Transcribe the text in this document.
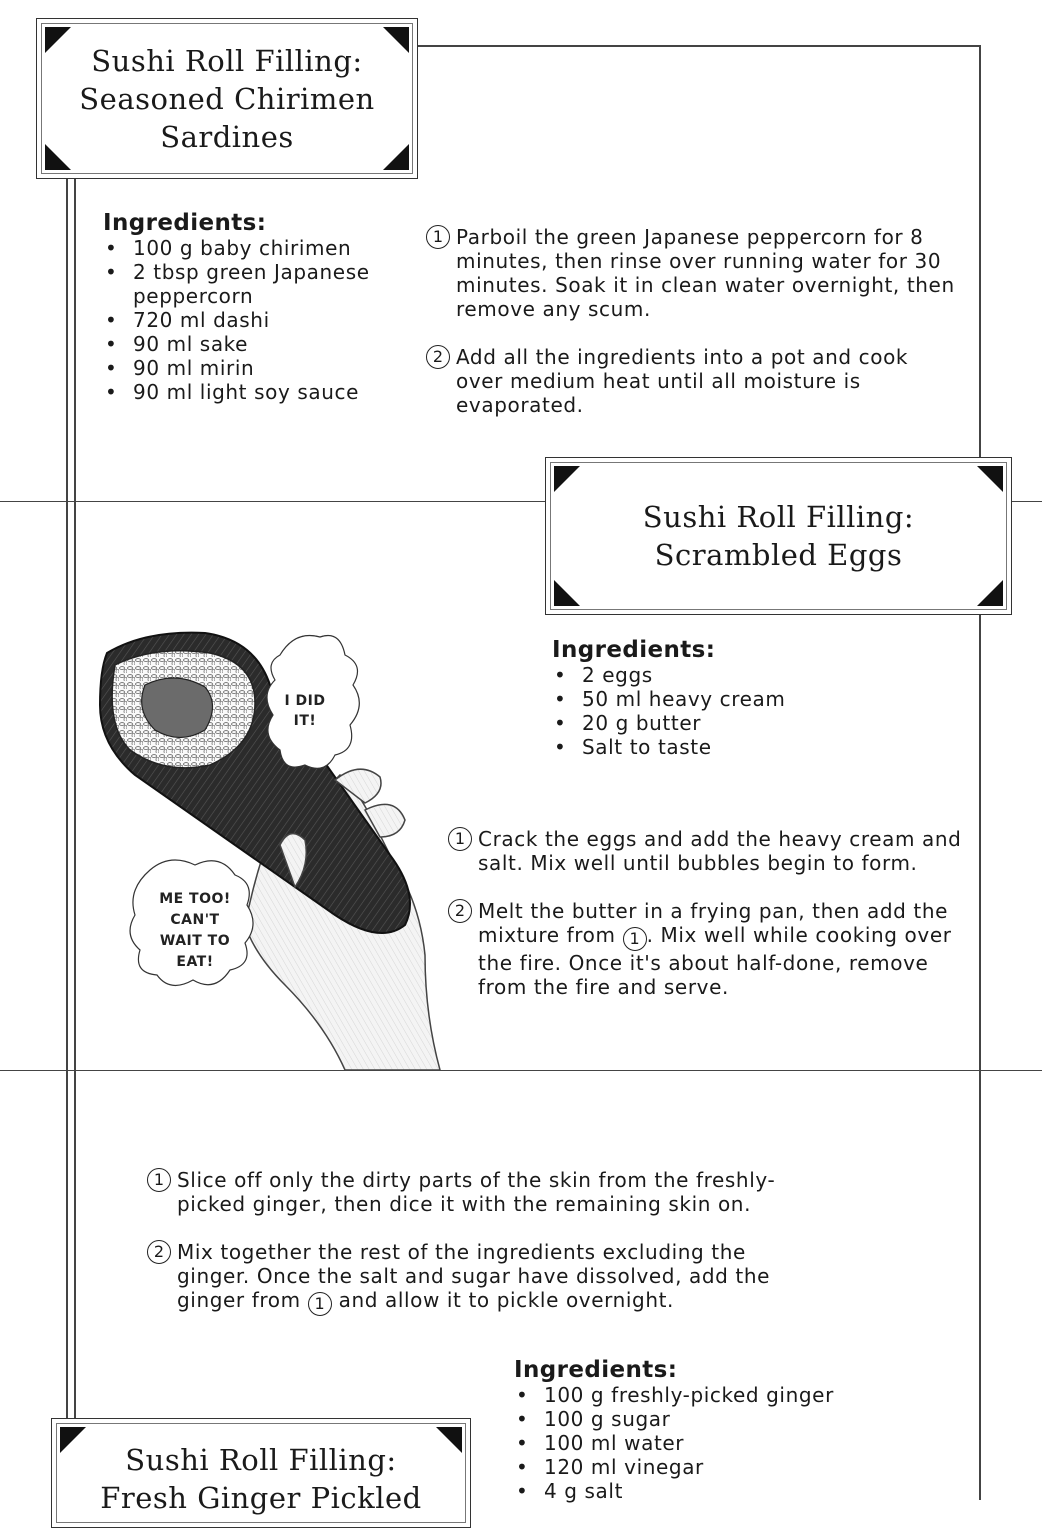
Sushi Roll Filling:
Seasoned Chirimen
Sardines
Ingredients:
• 100 g baby chirimen
• 2 tbsp green Japanese peppercorn
• 720 ml dashi
• 90 ml sake
• 90 ml mirin
• 90 ml light soy sauce
1 Parboil the green Japanese peppercorn for 8 minutes, then rinse over running water for 30 minutes. Soak it in clean water overnight, then remove any scum.
2 Add all the ingredients into a pot and cook over medium heat until all moisture is evaporated.
Sushi Roll Filling:
Scrambled Eggs
Ingredients:
• 2 eggs
• 50 ml heavy cream
• 20 g butter
• Salt to taste
1 Crack the eggs and add the heavy cream and salt. Mix well until bubbles begin to form.
2 Melt the butter in a frying pan, then add the mixture from 1 . Mix well while cooking over the fire. Once it's about half-done, remove from the fire and serve.
I DID
IT!
ME TOO!
CAN'T
WAIT TO
EAT!
1 Slice off only the dirty parts of the skin from the freshly-picked ginger, then dice it with the remaining skin on.
2 Mix together the rest of the ingredients excluding the ginger. Once the salt and sugar have dissolved, add the ginger from 1 and allow it to pickle overnight.
Ingredients:
• 100 g freshly-picked ginger
• 100 g sugar
• 100 ml water
• 120 ml vinegar
• 4 g salt
Sushi Roll Filling:
Fresh Ginger Pickled
